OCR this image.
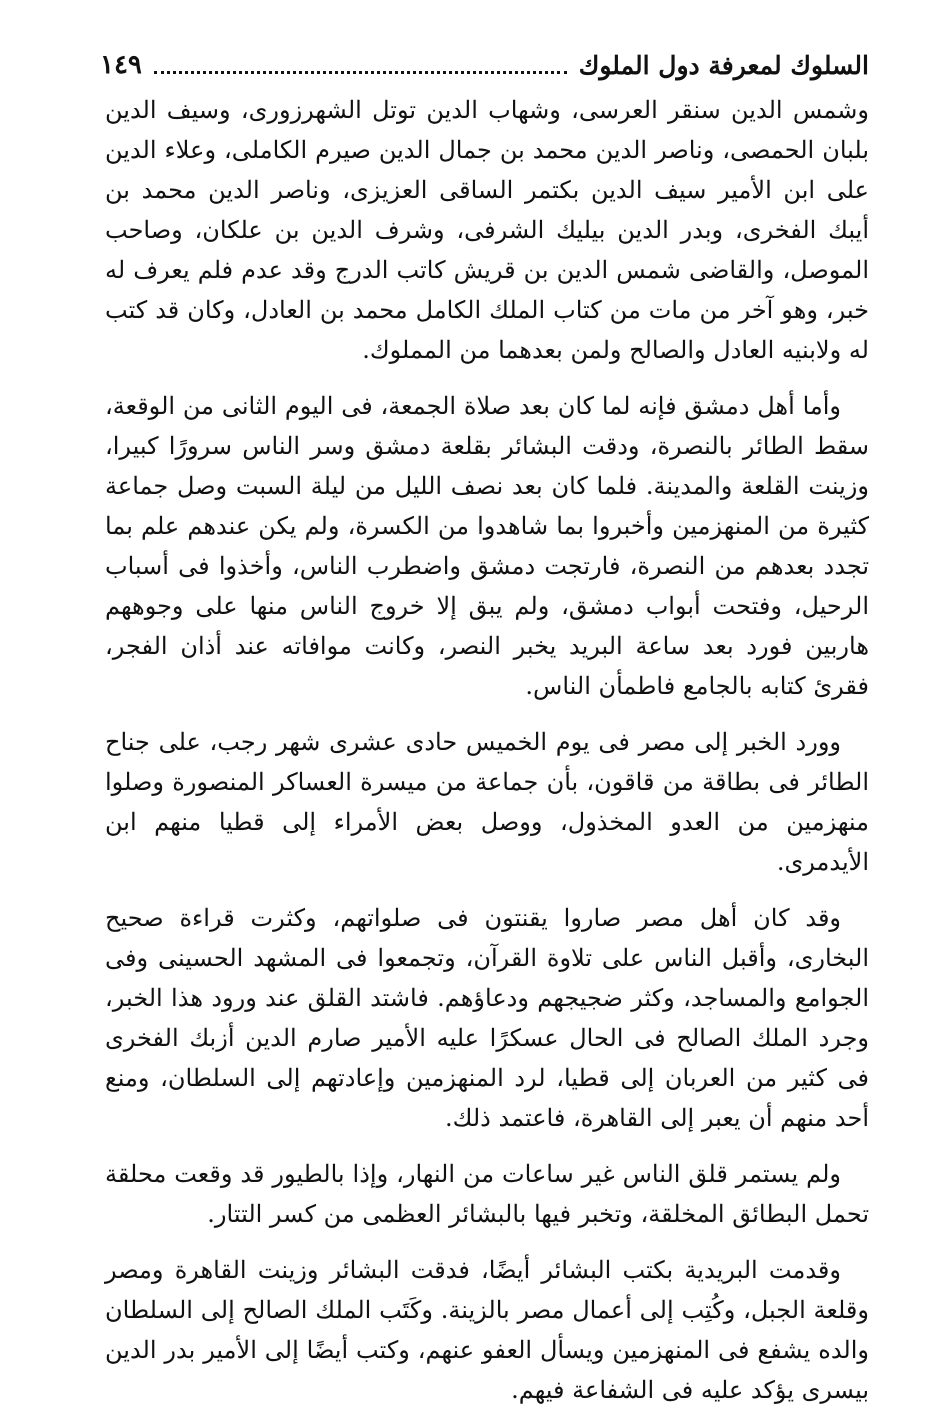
السلوك لمعرفة دول الملوك
١٤٩

وشمس الدين سنقر العرسى، وشهاب الدين توتل الشهرزورى، وسيف الدين بلبان الحمصى، وناصر الدين محمد بن جمال الدين صيرم الكاملى، وعلاء الدين على ابن الأمير سيف الدين بكتمر الساقى العزيزى، وناصر الدين محمد بن أيبك الفخرى، وبدر الدين بيليك الشرفى، وشرف الدين بن علكان، وصاحب الموصل، والقاضى شمس الدين بن قريش كاتب الدرج وقد عدم فلم يعرف له خبر، وهو آخر من مات من كتاب الملك الكامل محمد بن العادل، وكان قد كتب له ولابنيه العادل والصالح ولمن بعدهما من المملوك.

وأما أهل دمشق فإنه لما كان بعد صلاة الجمعة، فى اليوم الثانى من الوقعة، سقط الطائر بالنصرة، ودقت البشائر بقلعة دمشق وسر الناس سرورًا كبيرا، وزينت القلعة والمدينة. فلما كان بعد نصف الليل من ليلة السبت وصل جماعة كثيرة من المنهزمين وأخبروا بما شاهدوا من الكسرة، ولم يكن عندهم علم بما تجدد بعدهم من النصرة، فارتجت دمشق واضطرب الناس، وأخذوا فى أسباب الرحيل، وفتحت أبواب دمشق، ولم يبق إلا خروج الناس منها على وجوههم هاربين فورد بعد ساعة البريد يخبر النصر، وكانت موافاته عند أذان الفجر، فقرئ كتابه بالجامع فاطمأن الناس.

وورد الخبر إلى مصر فى يوم الخميس حادى عشرى شهر رجب، على جناح الطائر فى بطاقة من قاقون، بأن جماعة من ميسرة العساكر المنصورة وصلوا منهزمين من العدو المخذول، ووصل بعض الأمراء إلى قطيا منهم ابن الأيدمرى.

وقد كان أهل مصر صاروا يقنتون فى صلواتهم، وكثرت قراءة صحيح البخارى، وأقبل الناس على تلاوة القرآن، وتجمعوا فى المشهد الحسينى وفى الجوامع والمساجد، وكثر ضجيجهم ودعاؤهم. فاشتد القلق عند ورود هذا الخبر، وجرد الملك الصالح فى الحال عسكرًا عليه الأمير صارم الدين أزبك الفخرى فى كثير من العربان إلى قطيا، لرد المنهزمين وإعادتهم إلى السلطان، ومنع أحد منهم أن يعبر إلى القاهرة، فاعتمد ذلك.

ولم يستمر قلق الناس غير ساعات من النهار، وإذا بالطيور قد وقعت محلقة تحمل البطائق المخلقة، وتخبر فيها بالبشائر العظمى من كسر التتار.

وقدمت البريدية بكتب البشائر أيضًا، فدقت البشائر وزينت القاهرة ومصر وقلعة الجبل، وكُتِب إلى أعمال مصر بالزينة. وكَتَب الملك الصالح إلى السلطان والده يشفع فى المنهزمين ويسأل العفو عنهم، وكتب أيضًا إلى الأمير بدر الدين بيسرى يؤكد عليه فى الشفاعة فيهم.
